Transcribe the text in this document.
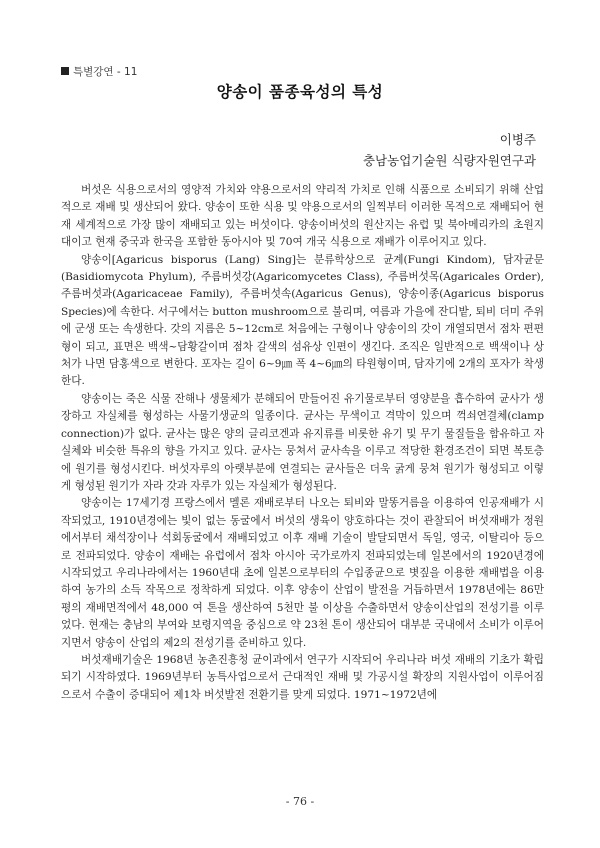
특별강연 - 11
양송이 품종육성의 특성
이병주
충남농업기술원 식량자원연구과

버섯은 식용으로서의 영양적 가치와 약용으로서의 약리적 가치로 인해 식품으로 소비되기 위해 산업적으로 재배 및 생산되어 왔다. 양송이 또한 식용 및 약용으로서의 일찍부터 이러한 목적으로 재배되어 현재 세계적으로 가장 많이 재배되고 있는 버섯이다. 양송이버섯의 원산지는 유럽 및 북아메리카의 초원지대이고 현재 중국과 한국을 포함한 동아시아 및 70여 개국 식용으로 재배가 이루어지고 있다.

양송이[Agaricus bisporus (Lang) Sing]는 분류학상으로 균계(Fungi Kindom), 담자균문(Basidiomycota Phylum), 주름버섯강(Agaricomycetes Class), 주름버섯목(Agaricales Order), 주름버섯과(Agaricaceae Family), 주름버섯속(Agaricus Genus), 양송이종(Agaricus bisporus Species)에 속한다. 서구에서는 button mushroom으로 불리며, 여름과 가을에 잔디밭, 퇴비 더미 주위에 군생 또는 속생한다. 갓의 지름은 5~12cm로 처음에는 구형이나 양송이의 갓이 개열되면서 점차 편편형이 되고, 표면은 백색~담황갈이며 점차 갈색의 섬유상 인편이 생긴다. 조직은 일반적으로 백색이나 상처가 나면 담홍색으로 변한다. 포자는 길이 6~9㎛ 폭 4~6㎛의 타원형이며, 담자기에 2개의 포자가 착생한다.

양송이는 죽은 식물 잔해나 생물체가 분해되어 만들어진 유기물로부터 영양분을 흡수하여 균사가 생장하고 자실체를 형성하는 사물기생균의 일종이다. 균사는 무색이고 격막이 있으며 꺽쇠연결체(clamp connection)가 없다. 균사는 많은 양의 글리코겐과 유지류를 비롯한 유기 및 무기 물질들을 함유하고 자실체와 비슷한 특유의 향을 가지고 있다. 균사는 뭉쳐서 균사속을 이루고 적당한 환경조건이 되면 복토층에 원기를 형성시킨다. 버섯자루의 아랫부분에 연결되는 균사들은 더욱 굵게 뭉쳐 원기가 형성되고 이렇게 형성된 원기가 자라 갓과 자루가 있는 자실체가 형성된다.

양송이는 17세기경 프랑스에서 멜론 재배로부터 나오는 퇴비와 말똥거름을 이용하여 인공재배가 시작되었고, 1910년경에는 빛이 없는 동굴에서 버섯의 생육이 양호하다는 것이 관찰되어 버섯재배가 정원에서부터 채석장이나 석회동굴에서 재배되었고 이후 재배 기술이 발달되면서 독일, 영국, 이탈리아 등으로 전파되었다. 양송이 재배는 유럽에서 점차 아시아 국가로까지 전파되었는데 일본에서의 1920년경에 시작되었고 우리나라에서는 1960년대 초에 일본으로부터의 수입종균으로 볏짚을 이용한 재배법을 이용하여 농가의 소득 작목으로 정착하게 되었다. 이후 양송이 산업이 발전을 거듭하면서 1978년에는 86만평의 재배면적에서 48,000 여 톤을 생산하여 5천만 불 이상을 수출하면서 양송이산업의 전성기를 이루었다. 현재는 충남의 부여와 보령지역을 중심으로 약 23천 톤이 생산되어 대부분 국내에서 소비가 이루어지면서 양송이 산업의 제2의 전성기를 준비하고 있다.

버섯재배기술은 1968년 농촌진흥청 균이과에서 연구가 시작되어 우리나라 버섯 재배의 기초가 확립되기 시작하였다. 1969년부터 농특사업으로서 근대적인 재배 및 가공시설 확장의 지원사업이 이루어짐으로서 수출이 증대되어 제1차 버섯발전 전환기를 맞게 되었다. 1971~1972년에

- 76 -
